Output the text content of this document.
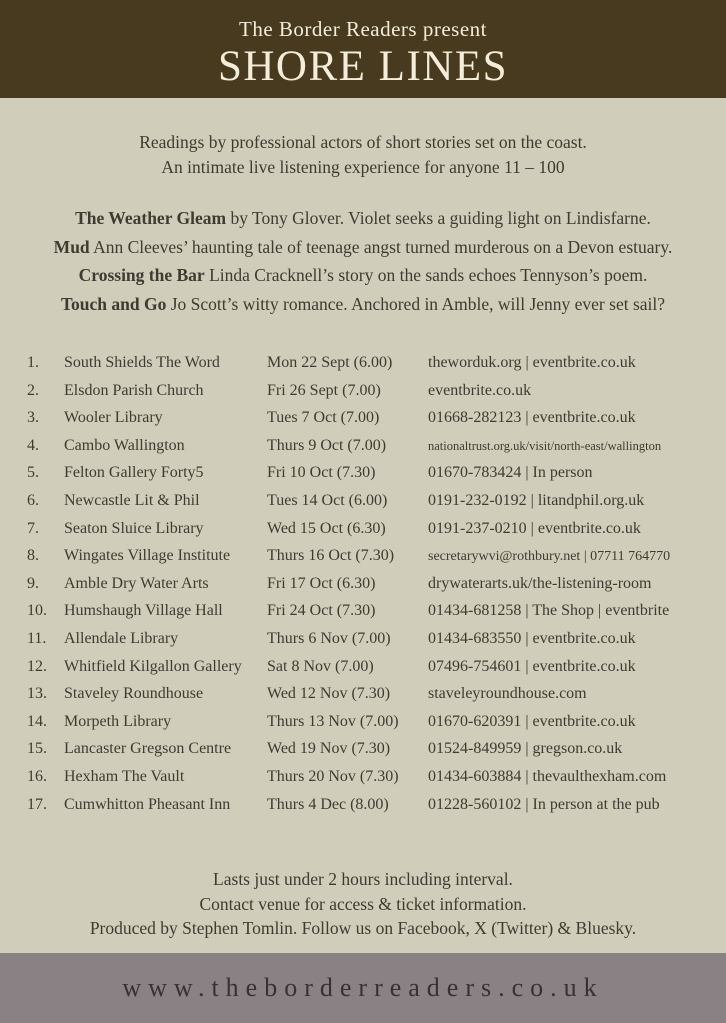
The Border Readers present
SHORE LINES
Readings by professional actors of short stories set on the coast.
An intimate live listening experience for anyone 11 – 100
The Weather Gleam by Tony Glover. Violet seeks a guiding light on Lindisfarne.
Mud Ann Cleeves’ haunting tale of teenage angst turned murderous on a Devon estuary.
Crossing the Bar Linda Cracknell’s story on the sands echoes Tennyson’s poem.
Touch and Go Jo Scott’s witty romance. Anchored in Amble, will Jenny ever set sail?
1.	South Shields The Word	Mon 22 Sept (6.00)	theworduk.org | eventbrite.co.uk
2.	Elsdon Parish Church	Fri 26 Sept (7.00)	eventbrite.co.uk
3.	Wooler Library	Tues 7 Oct (7.00)	01668-282123 | eventbrite.co.uk
4.	Cambo Wallington	Thurs 9 Oct (7.00)	nationaltrust.org.uk/visit/north-east/wallington
5.	Felton Gallery Forty5	Fri 10 Oct (7.30)	01670-783424 | In person
6.	Newcastle Lit & Phil	Tues 14 Oct (6.00)	0191-232-0192 | litandphil.org.uk
7.	Seaton Sluice Library	Wed 15 Oct (6.30)	0191-237-0210 | eventbrite.co.uk
8.	Wingates Village Institute	Thurs 16 Oct (7.30)	secretarywvi@rothbury.net | 07711 764770
9.	Amble Dry Water Arts	Fri 17 Oct (6.30)	drywaterarts.uk/the-listening-room
10.	Humshaugh Village Hall	Fri 24 Oct (7.30)	01434-681258 | The Shop | eventbrite
11.	Allendale Library	Thurs 6 Nov (7.00)	01434-683550 | eventbrite.co.uk
12.	Whitfield Kilgallon Gallery	Sat 8 Nov (7.00)	07496-754601 | eventbrite.co.uk
13.	Staveley Roundhouse	Wed 12 Nov (7.30)	staveleyroundhouse.com
14.	Morpeth Library	Thurs 13 Nov (7.00)	01670-620391 | eventbrite.co.uk
15.	Lancaster Gregson Centre	Wed 19 Nov (7.30)	01524-849959 | gregson.co.uk
16.	Hexham The Vault	Thurs 20 Nov (7.30)	01434-603884 | thevaulthexham.com
17.	Cumwhitton Pheasant Inn	Thurs 4 Dec (8.00)	01228-560102 | In person at the pub
Lasts just under 2 hours including interval.
Contact venue for access & ticket information.
Produced by Stephen Tomlin. Follow us on Facebook, X (Twitter) & Bluesky.
www.theborderreaders.co.uk
